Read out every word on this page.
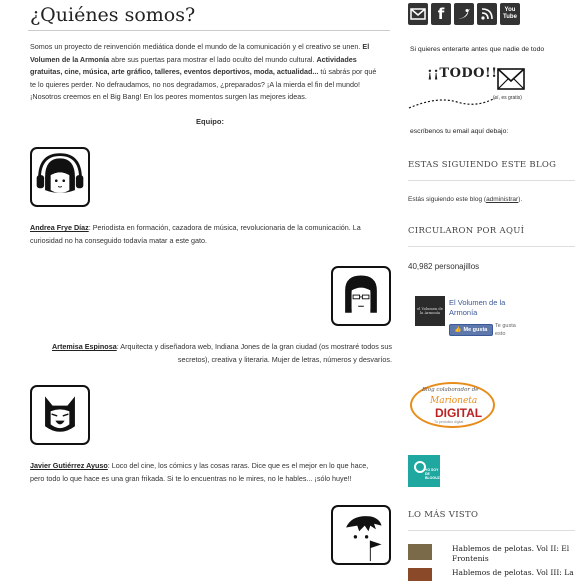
¿Quiénes somos?

Somos un proyecto de reinvención mediática donde el mundo de la comunicación y el creativo se unen. El Volumen de la Armonía abre sus puertas para mostrar el lado oculto del mundo cultural. Actividades gratuitas, cine, música, arte gráfico, talleres, eventos deportivos, moda, actualidad... tú sabrás por qué te lo quieres perder. No defraudamos, no nos degradamos, ¿preparados? ¡A la mierda el fin del mundo! ¡Nosotros creemos en el Big Bang! En los peores momentos surgen las mejores ideas.

Equipo:

Andrea Frye Díaz: Periodista en formación, cazadora de música, revolucionaria de la comunicación. La curiosidad no ha conseguido todavía matar a este gato.

Artemisa Espinosa: Arquitecta y diseñadora web, Indiana Jones de la gran ciudad (os mostraré todos sus secretos), creativa y literaria. Mujer de letras, números y desvaríos.

Javier Gutiérrez Ayuso: Loco del cine, los cómics y las cosas raras. Dice que es el mejor en lo que hace, pero todo lo que hace es una gran frikada. Si te lo encuentras no le mires, no le hables... ¡sólo huye!!

f	You Tube
Si quieres enterarte antes que nadie de todo
¡¡TODO!!
(sí, es gratis)
escríbenos tu email aquí debajo:
ESTAS SIGUIENDO ESTE BLOG
Estás siguiendo este blog (administrar).
CIRCULARON POR AQUÍ
40,982 personajillos
el Volumen de la Armonía
El Volumen de la Armonía
👍 Me gusta
Te gusta esto
Blog colaborador de
Marioneta
DIGITAL
Tu periódico digital
YO SOY DE BLOGUZZ
LO MÁS VISTO
Hablemos de pelotas. Vol II: El Frontenis
Hablemos de pelotas. Vol III: La
